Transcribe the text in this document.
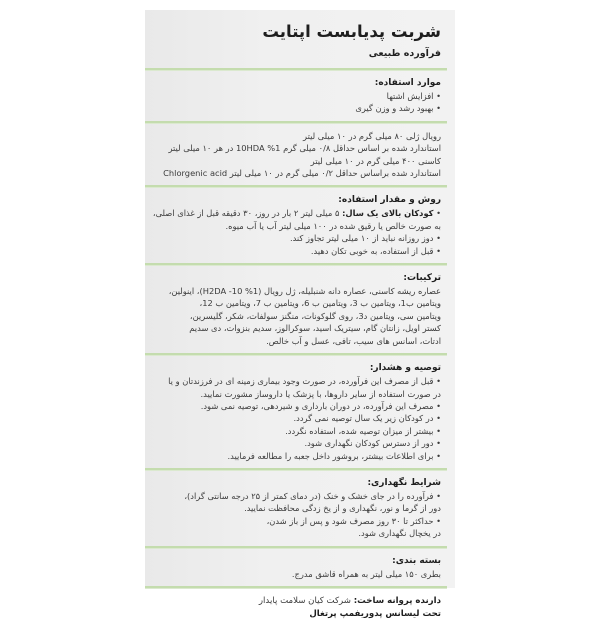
شربت پدیابست اپتایت
فرآورده طبیعی
موارد استفاده:
• افزایش اشتها
• بهبود رشد و وزن گیری
رویال ژلی ۸۰ میلی گرم در ۱۰ میلی لیتر
استاندارد شده بر اساس حداقل ۰/۸ میلی گرم 10HDA %1 در هر ۱۰ میلی لیتر
کاسنی ۴۰۰ میلی گرم در ۱۰ میلی لیتر
استاندارد شده براساس حداقل ۰/۲ میلی گرم در ۱۰ میلی لیتر Chlorgenic acid
روش و مقدار استفاده:
• کودکان بالای یک سال: ۵ میلی لیتر ۲ بار در روز، ۳۰ دقیقه قبل از غذای اصلی،
به صورت خالص یا رقیق شده در ۱۰۰ میلی لیتر آب یا آب میوه.
• دوز روزانه نباید از ۱۰ میلی لیتر تجاوز کند.
• قبل از استفاده، به خوبی تکان دهید.
ترکیبات:
عصاره ریشه کاسنی، عصاره دانه شنبلیله، ژل رویال (1% H2DA -10)، اینولین،
ویتامین ب1، ویتامین ب 3، ویتامین ب 6، ویتامین ب 7، ویتامین ب 12،
ویتامین سی، ویتامین د3، روی گلوکونات، منگنز سولفات، شکر، گلیسرین،
کستر اویل، زانتان گام، سیتریک اسید، سوکرالوز، سدیم بنزوات، دی سدیم
ادتات، اسانس های سیب، تافی، عسل و آب خالص.
توصیه و هشدار:
• قبل از مصرف این فرآورده، در صورت وجود بیماری زمینه ای در فرزندتان و یا
در صورت استفاده از سایر داروها، با پزشک یا داروساز مشورت نمایید.
• مصرف این فرآورده، در دوران بارداری و شیردهی، توصیه نمی شود.
• در کودکان زیر یک سال توصیه نمی گردد.
• بیشتر از میزان توصیه شده، استفاده نگردد.
• دور از دسترس کودکان نگهداری شود.
• برای اطلاعات بیشتر، بروشور داخل جعبه را مطالعه فرمایید.
شرایط نگهداری:
• فرآورده را در جای خشک و خنک (در دمای کمتر از ۲۵ درجه سانتی گراد)،
دور از گرما و نور، نگهداری و از یخ زدگی محافظت نمایید.
• حداکثر تا ۳۰ روز مصرف شود و پس از باز شدن،
در یخچال نگهداری شود.
بسته بندی:
بطری ۱۵۰ میلی لیتر به همراه قاشق مدرج.
دارنده پروانه ساخت: شرکت کیان سلامت پایدار
تحت لیسانس پدوریفمپ پرتغال
